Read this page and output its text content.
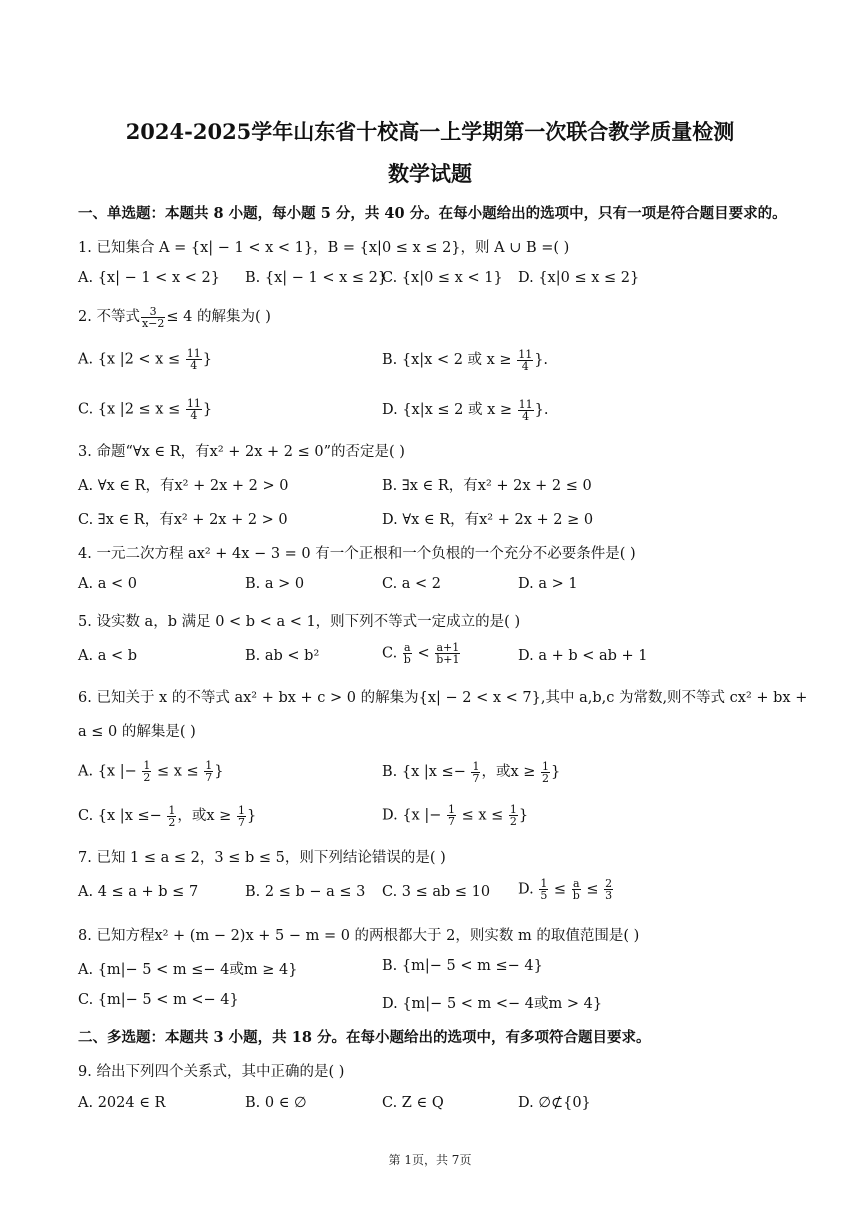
2024-2025学年山东省十校高一上学期第一次联合教学质量检测
数学试题
一、单选题：本题共 8 小题，每小题 5 分，共 40 分。在每小题给出的选项中，只有一项是符合题目要求的。
1. 已知集合 A = {x| − 1 < x < 1}，B = {x|0 ≤ x ≤ 2}，则 A ∪ B =( )
A. {x| − 1 < x < 2} B. {x| − 1 < x ≤ 2}
C. {x|0 ≤ x < 1} D. {x|0 ≤ x ≤ 2}
2. 不等式 $\frac{3}{x-2} \le 4$ 的解集为( )
A. {x $|2 < x \le \frac{11}{4}$ }	B. {x|x < 2 或 $x \ge \frac{11}{4}$ }.
C. {x $|2 \le x \le \frac{11}{4}$ }	D. {x|x ≤ 2 或 $x \ge \frac{11}{4}$ }.
3. 命题“∀x ∈ R，有x² + 2x + 2 ≤ 0”的否定是( )
A. ∀x ∈ R，有x² + 2x + 2 > 0	B. ∃x ∈ R，有x² + 2x + 2 ≤ 0
C. ∃x ∈ R，有x² + 2x + 2 > 0	D. ∀x ∈ R，有x² + 2x + 2 ≥ 0
4. 一元二次方程 ax² + 4x − 3 = 0 有一个正根和一个负根的一个充分不必要条件是( )
A. a < 0	B. a > 0	C. a < 2	D. a > 1
5. 设实数 a，b 满足 0 < b < a < 1，则下列不等式一定成立的是( )
A. a < b	B. ab < b²	C. $\frac{a}{b} < \frac{a+1}{b+1}$	D. a + b < ab + 1
6. 已知关于 x 的不等式 ax² + bx + c > 0 的解集为{x| − 2 < x < 7},其中 a,b,c 为常数,则不等式 cx² + bx +
a ≤ 0 的解集是( )
A. {x |− $\frac{1}{2} \le x \le \frac{1}{7}$ }	B. {x $|x \le- \frac{1}{7}$ ，或$x \ge \frac{1}{2}$ }
C. {x $|x \le- \frac{1}{2}$ ，或$x \ge \frac{1}{7}$ }	D. {x |− $\frac{1}{7} \le x \le \frac{1}{2}$ }
7. 已知 1 ≤ a ≤ 2，3 ≤ b ≤ 5，则下列结论错误的是( )
A. 4 ≤ a + b ≤ 7	B. 2 ≤ b − a ≤ 3 C. 3 ≤ ab ≤ 10 D. $\frac{1}{5} \le \frac{a}{b} \le \frac{2}{3}$
8. 已知方程x² + (m − 2)x + 5 − m = 0 的两根都大于 2，则实数 m 的取值范围是( )
A. {m|− 5 < m ≤− 4或m ≥ 4}	B. {m|− 5 < m ≤− 4}
C. {m|− 5 < m <− 4}	D. {m|− 5 < m <− 4或m > 4}
二、多选题：本题共 3 小题，共 18 分。在每小题给出的选项中，有多项符合题目要求。
9. 给出下列四个关系式，其中正确的是( )
A. 2024 ∈ R	B. 0 ∈ ∅	C. Z ∈ Q	D. ∅⊄{0}
第 1页，共 7页
